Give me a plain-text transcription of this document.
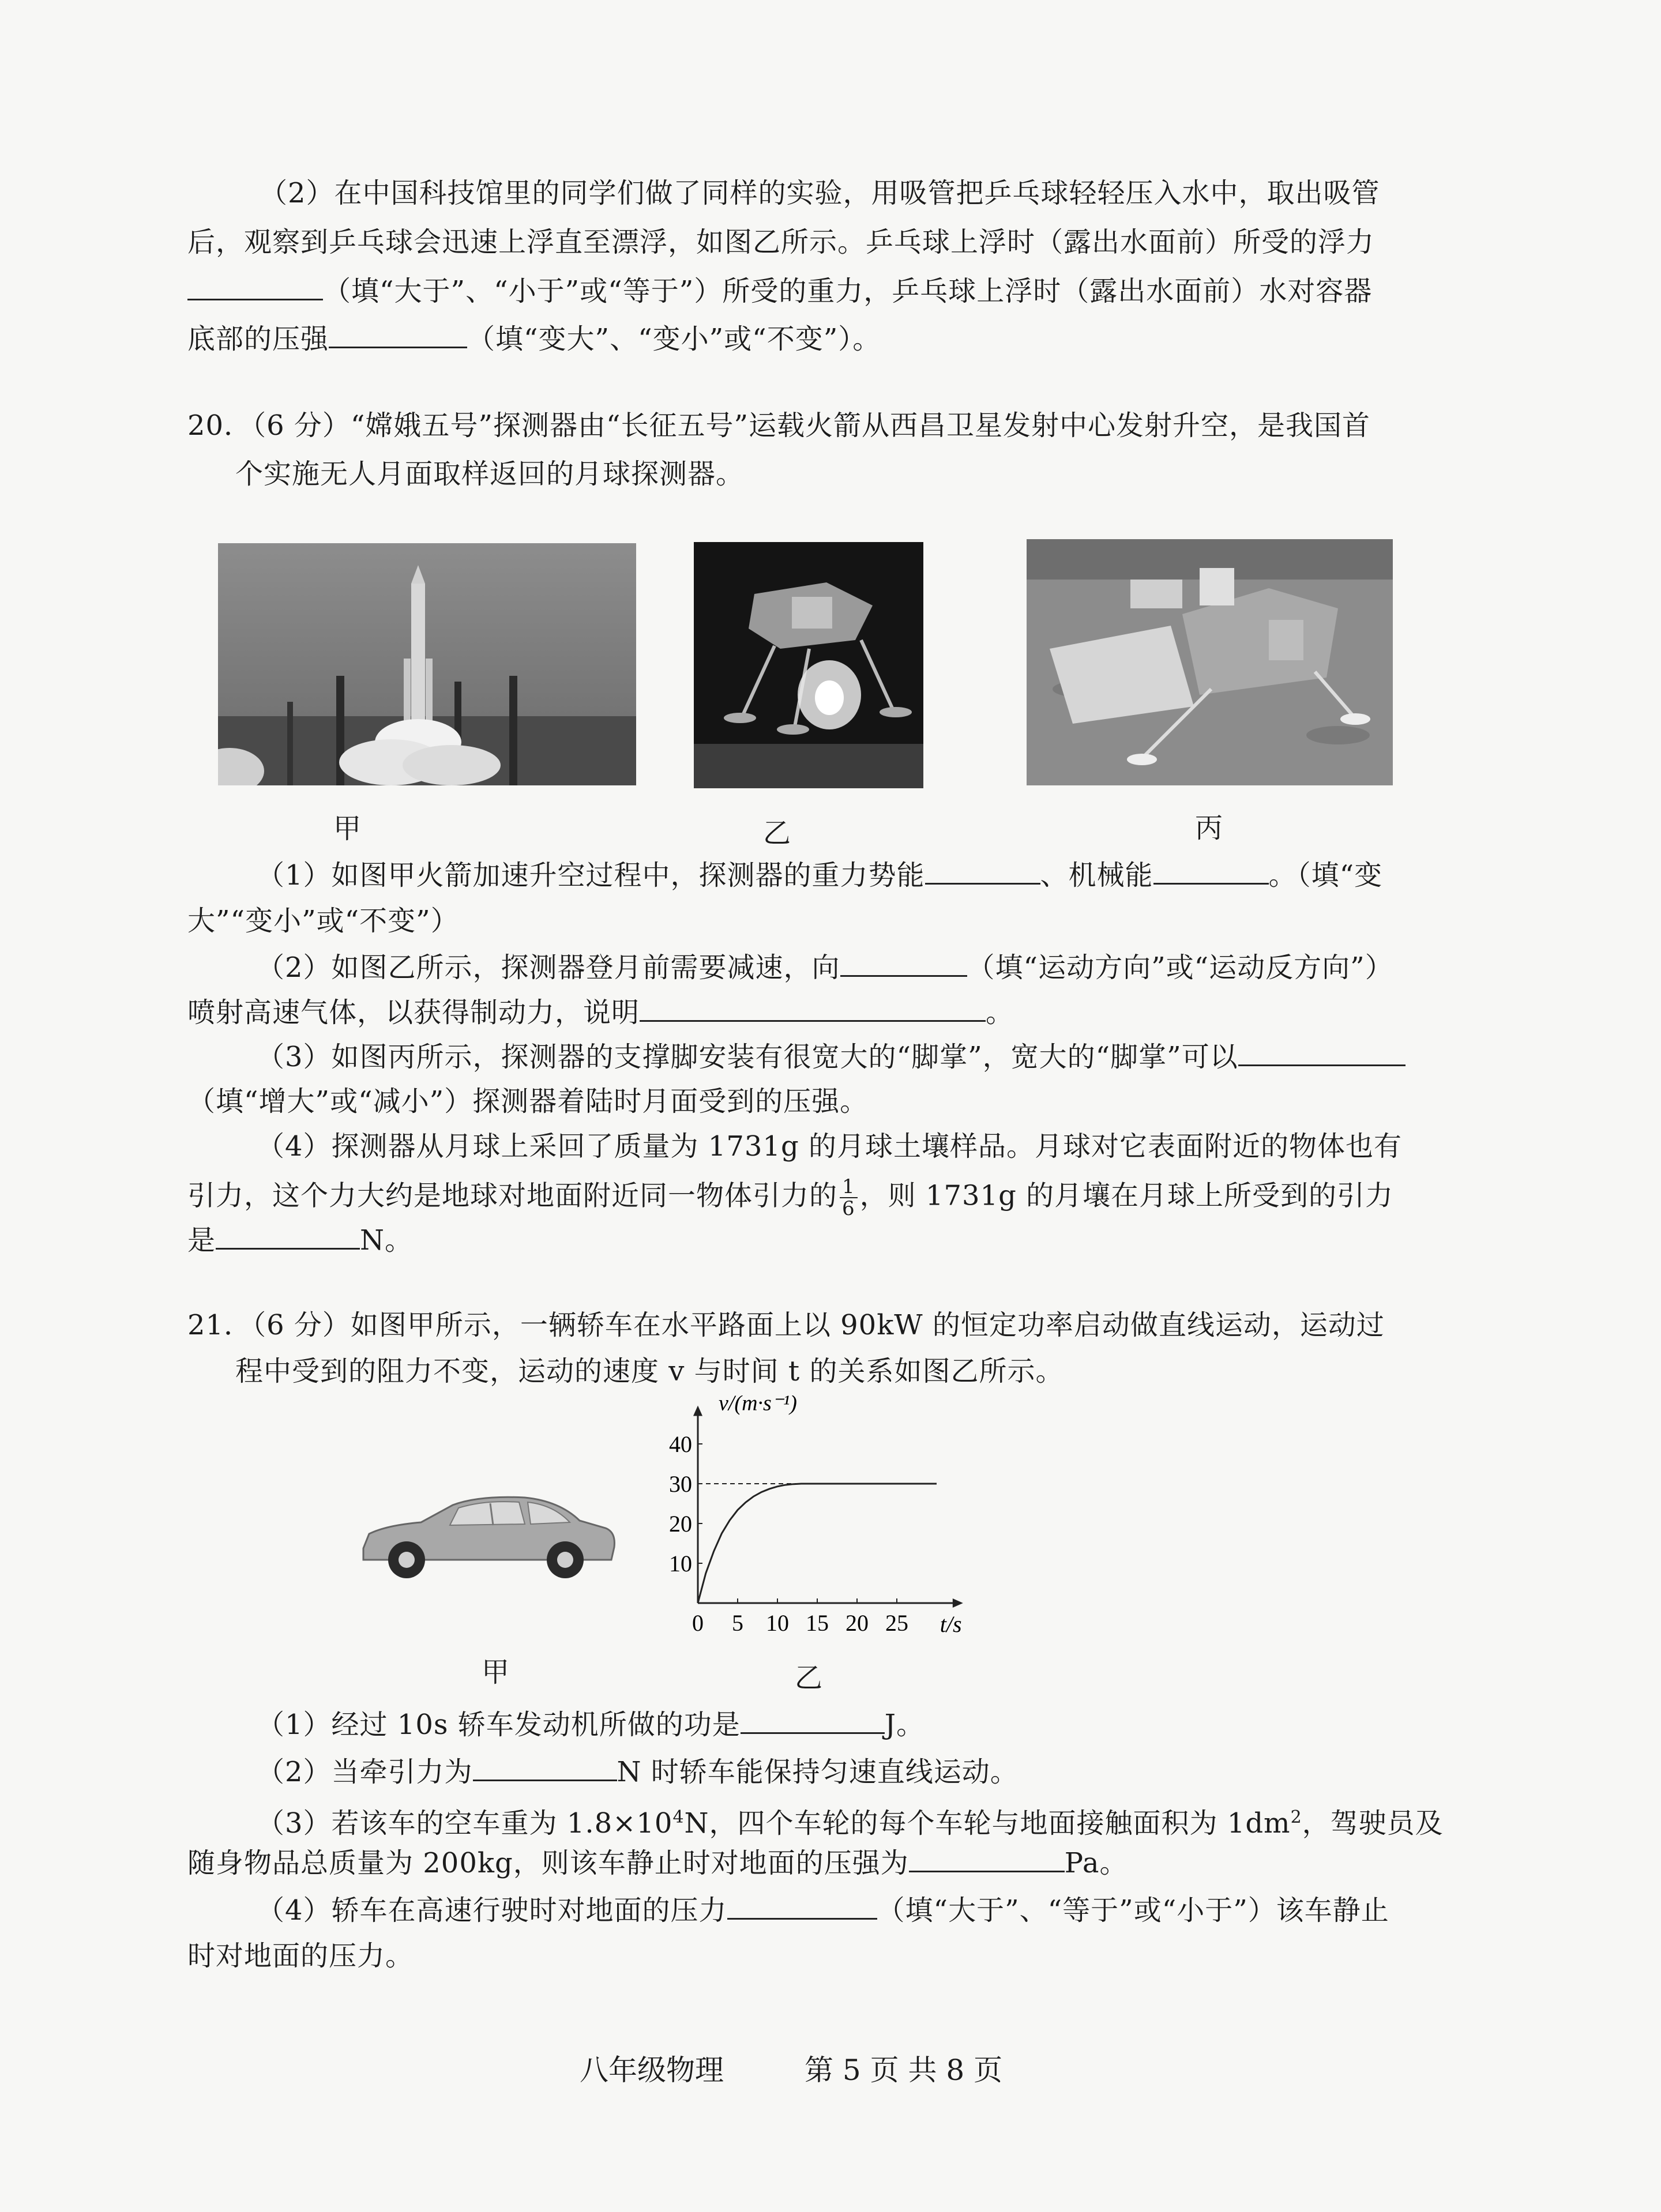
（2）在中国科技馆里的同学们做了同样的实验，用吸管把乒乓球轻轻压入水中，取出吸管
后，观察到乒乓球会迅速上浮直至漂浮，如图乙所示。乒乓球上浮时（露出水面前）所受的浮力
（填“大于”、“小于”或“等于”）所受的重力，乒乓球上浮时（露出水面前）水对容器
底部的压强	（填“变大”、“变小”或“不变”）。
20．（6 分）“嫦娥五号”探测器由“长征五号”运载火箭从西昌卫星发射中心发射升空，是我国首
个实施无人月面取样返回的月球探测器。
甲	乙	丙
（1）如图甲火箭加速升空过程中，探测器的重力势能	、机械能	。（填“变
大”“变小”或“不变”）
（2）如图乙所示，探测器登月前需要减速，向	（填“运动方向”或“运动反方向”）
喷射高速气体，以获得制动力，说明	。
（3）如图丙所示，探测器的支撑脚安装有很宽大的“脚掌”，宽大的“脚掌”可以
（填“增大”或“减小”）探测器着陆时月面受到的压强。
（4）探测器从月球上采回了质量为 1731g 的月球土壤样品。月球对它表面附近的物体也有
引力，这个力大约是地球对地面附近同一物体引力的 $\frac{1}{6}$ ，则 1731g 的月壤在月球上所受到的引力
是	N。
21．（6 分）如图甲所示，一辆轿车在水平路面上以 90kW 的恒定功率启动做直线运动，运动过
程中受到的阻力不变，运动的速度 v 与时间 t 的关系如图乙所示。
10
20
30
40
0 5 10 15 20 25
v/(m·s⁻¹)
t/s
甲	乙
（1）经过 10s 轿车发动机所做的功是	J。
（2）当牵引力为	N 时轿车能保持匀速直线运动。
（3）若该车的空车重为 $1.8\times 10^4N$，四个车轮的每个车轮与地面接触面积为 $1dm^2$，驾驶员及
随身物品总质量为 200kg，则该车静止时对地面的压强为	Pa。
（4）轿车在高速行驶时对地面的压力	（填“大于”、“等于”或“小于”）该车静止
时对地面的压力。
八年级物理	第 5 页 共 8 页
